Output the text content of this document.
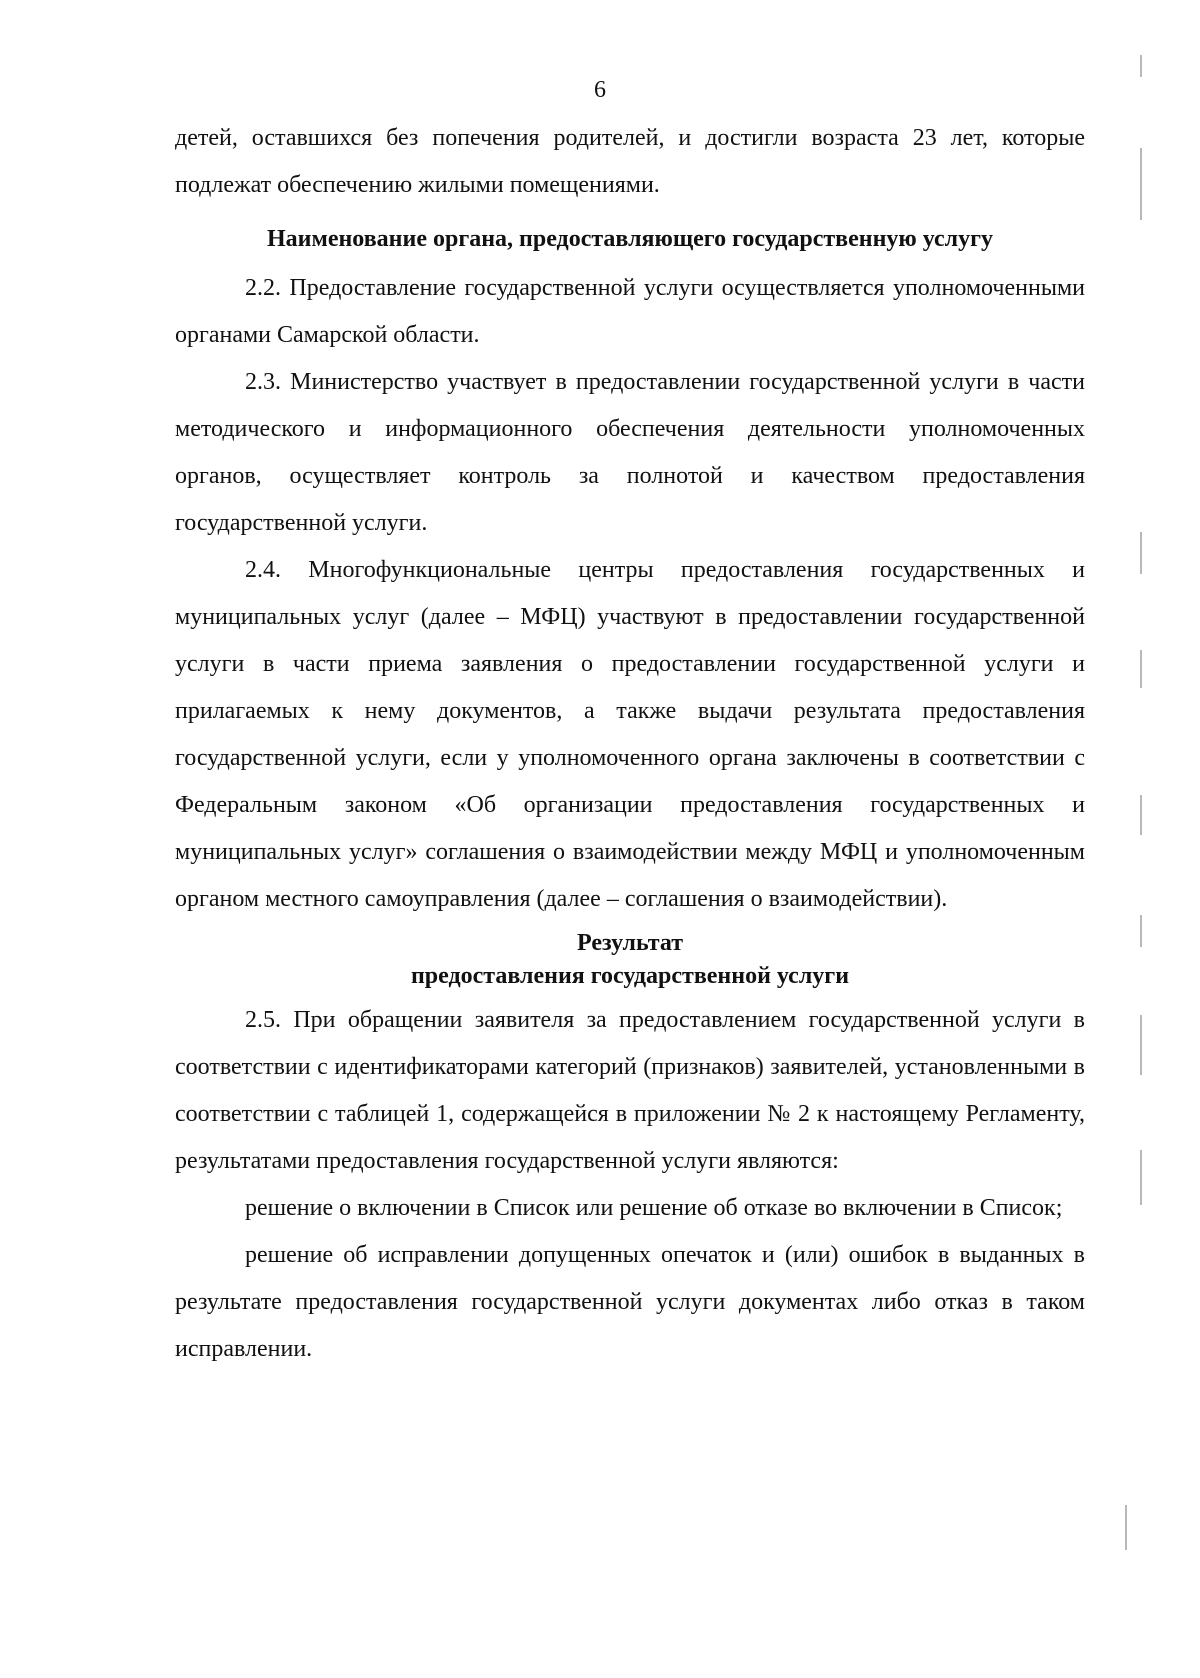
6

детей, оставшихся без попечения родителей, и достигли возраста 23 лет, которые подлежат обеспечению жилыми помещениями.

Наименование органа, предоставляющего государственную услугу

2.2. Предоставление государственной услуги осуществляется уполномоченными органами Самарской области.

2.3. Министерство участвует в предоставлении государственной услуги в части методического и информационного обеспечения деятельности уполномоченных органов, осуществляет контроль за полнотой и качеством предоставления государственной услуги.

2.4. Многофункциональные центры предоставления государственных и муниципальных услуг (далее – МФЦ) участвуют в предоставлении государственной услуги в части приема заявления о предоставлении государственной услуги и прилагаемых к нему документов, а также выдачи результата предоставления государственной услуги, если у уполномоченного органа заключены в соответствии с Федеральным законом «Об организации предоставления государственных и муниципальных услуг» соглашения о взаимодействии между МФЦ и уполномоченным органом местного самоуправления (далее – соглашения о взаимодействии).

Результат
предоставления государственной услуги

2.5. При обращении заявителя за предоставлением государственной услуги в соответствии с идентификаторами категорий (признаков) заявителей, установленными в соответствии с таблицей 1, содержащейся в приложении № 2 к настоящему Регламенту, результатами предоставления государственной услуги являются:

решение о включении в Список или решение об отказе во включении в Список;

решение об исправлении допущенных опечаток и (или) ошибок в выданных в результате предоставления государственной услуги документах либо отказ в таком исправлении.
